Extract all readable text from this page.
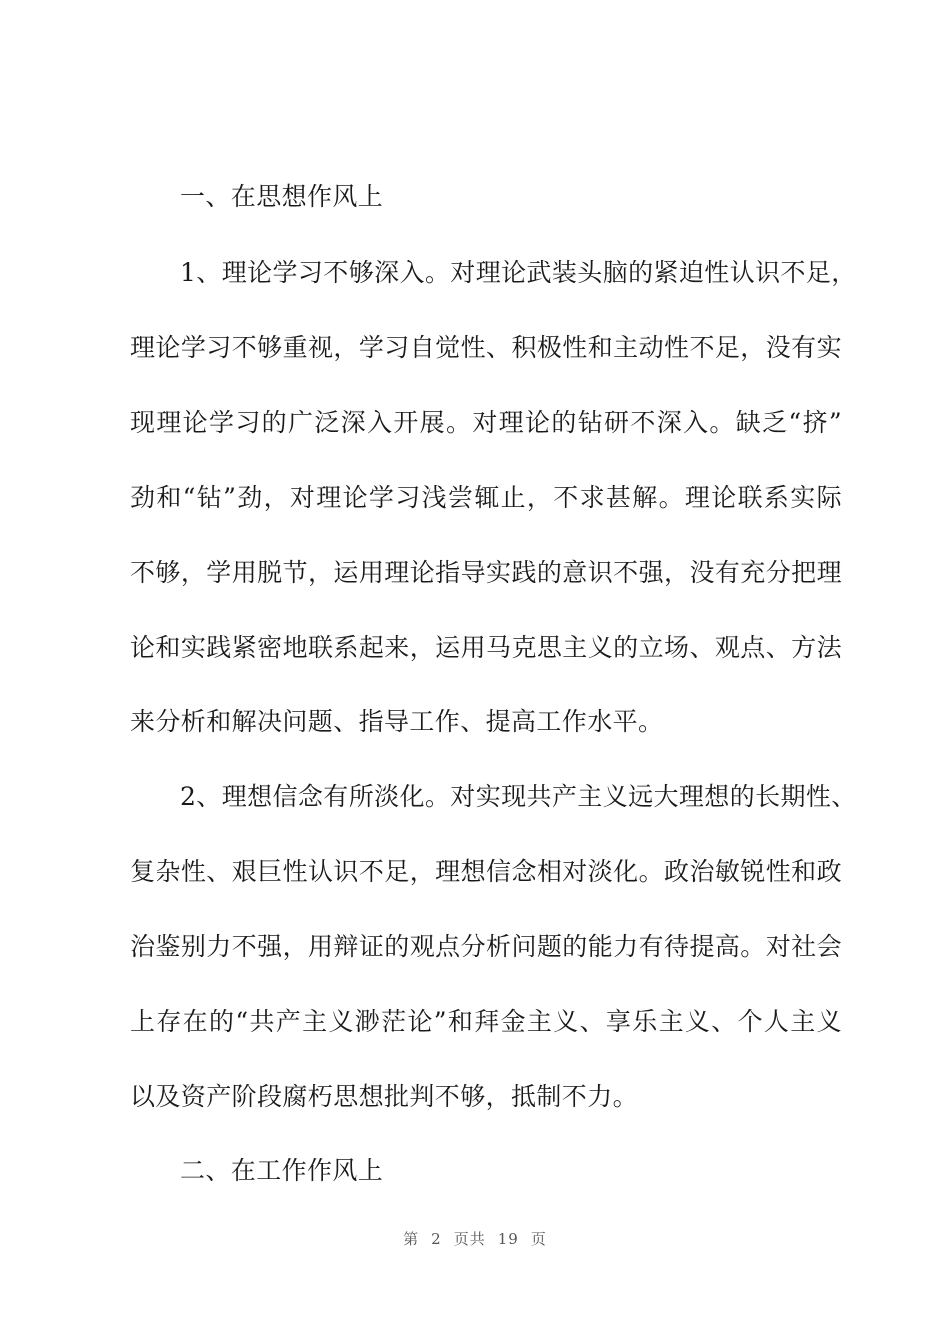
一、在思想作风上
1、理论学习不够深入。对理论武装头脑的紧迫性认识不足，
理论学习不够重视，学习自觉性、积极性和主动性不足，没有实
现理论学习的广泛深入开展。对理论的钻研不深入。缺乏“挤”
劲和“钻”劲，对理论学习浅尝辄止，不求甚解。理论联系实际
不够，学用脱节，运用理论指导实践的意识不强，没有充分把理
论和实践紧密地联系起来，运用马克思主义的立场、观点、方法
来分析和解决问题、指导工作、提高工作水平。
2、理想信念有所淡化。对实现共产主义远大理想的长期性、
复杂性、艰巨性认识不足，理想信念相对淡化。政治敏锐性和政
治鉴别力不强，用辩证的观点分析问题的能力有待提高。对社会
上存在的“共产主义渺茫论”和拜金主义、享乐主义、个人主义
以及资产阶段腐朽思想批判不够，抵制不力。
二、在工作作风上
第 2 页共 19 页
